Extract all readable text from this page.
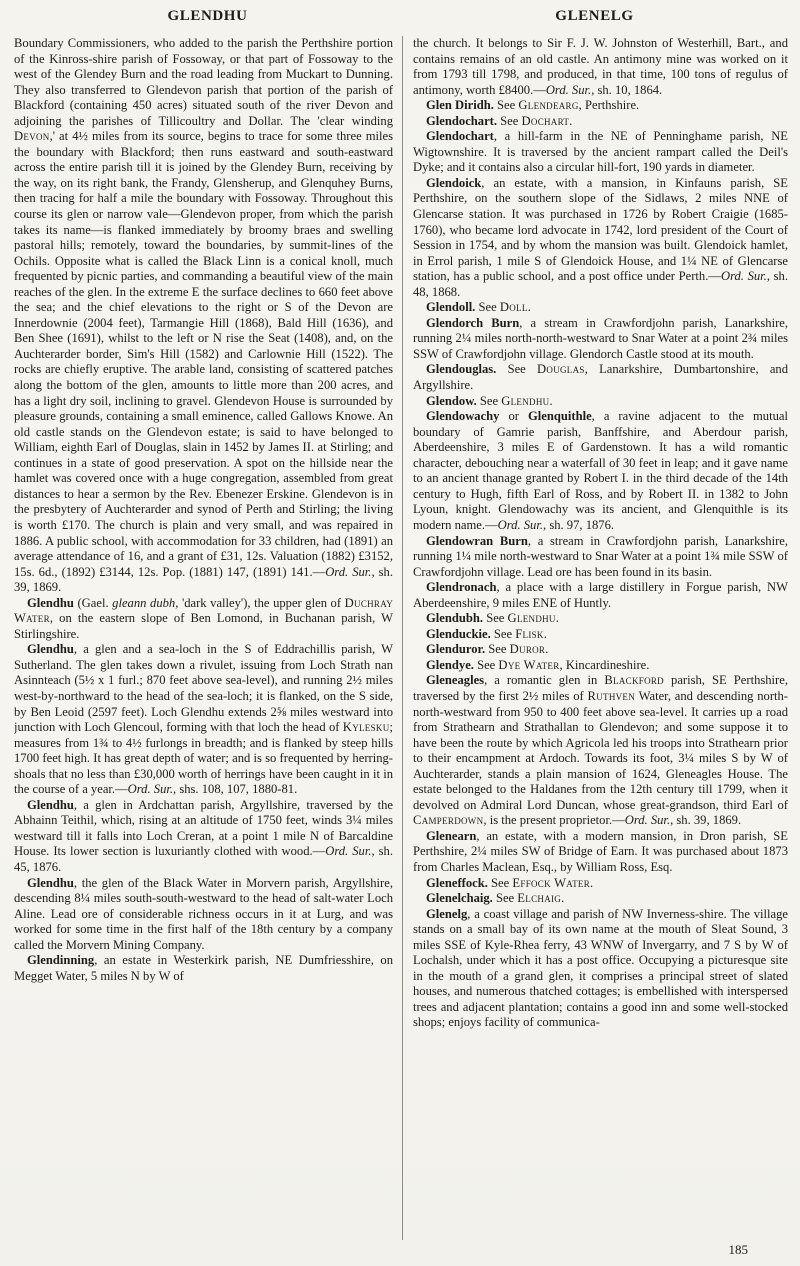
GLENDHU	GLENELG

Boundary Commissioners, who added to the parish the Perthshire portion of the Kinross-shire parish of Fossoway, or that part of Fossoway to the west of the Glendey Burn and the road leading from Muckart to Dunning. They also transferred to Glendevon parish that portion of the parish of Blackford (containing 450 acres) situated south of the river Devon and adjoining the parishes of Tillicoultry and Dollar. The 'clear winding Devon,' at 4½ miles from its source, begins to trace for some three miles the boundary with Blackford; then runs eastward and south-eastward across the entire parish till it is joined by the Glendey Burn, receiving by the way, on its right bank, the Frandy, Glensherup, and Glenquhey Burns, then tracing for half a mile the boundary with Fossoway. Throughout this course its glen or narrow vale—Glendevon proper, from which the parish takes its name—is flanked immediately by broomy braes and swelling pastoral hills; remotely, toward the boundaries, by summit-lines of the Ochils. Opposite what is called the Black Linn is a conical knoll, much frequented by picnic parties, and commanding a beautiful view of the main reaches of the glen. In the extreme E the surface declines to 660 feet above the sea; and the chief elevations to the right or S of the Devon are Innerdownie (2004 feet), Tarmangie Hill (1868), Bald Hill (1636), and Ben Shee (1691), whilst to the left or N rise the Seat (1408), and, on the Auchterarder border, Sim's Hill (1582) and Carlownie Hill (1522). The rocks are chiefly eruptive. The arable land, consisting of scattered patches along the bottom of the glen, amounts to little more than 200 acres, and has a light dry soil, inclining to gravel. Glendevon House is surrounded by pleasure grounds, containing a small eminence, called Gallows Knowe. An old castle stands on the Glendevon estate; is said to have belonged to William, eighth Earl of Douglas, slain in 1452 by James II. at Stirling; and continues in a state of good preservation. A spot on the hillside near the hamlet was covered once with a huge congregation, assembled from great distances to hear a sermon by the Rev. Ebenezer Erskine. Glendevon is in the presbytery of Auchterarder and synod of Perth and Stirling; the living is worth £170. The church is plain and very small, and was repaired in 1886. A public school, with accommodation for 33 children, had (1891) an average attendance of 16, and a grant of £31, 12s. Valuation (1882) £3152, 15s. 6d., (1892) £3144, 12s. Pop. (1881) 147, (1891) 141.—Ord. Sur., sh. 39, 1869.

Glendhu (Gael. gleann dubh, 'dark valley'), the upper glen of Duchray Water, on the eastern slope of Ben Lomond, in Buchanan parish, W Stirlingshire.

Glendhu, a glen and a sea-loch in the S of Eddrachillis parish, W Sutherland. The glen takes down a rivulet, issuing from Loch Strath nan Asinnteach (5½ x 1 furl.; 870 feet above sea-level), and running 2½ miles west-by-northward to the head of the sea-loch; it is flanked, on the S side, by Ben Leoid (2597 feet). Loch Glendhu extends 2⅝ miles westward into junction with Loch Glencoul, forming with that loch the head of Kylesku; measures from 1¾ to 4½ furlongs in breadth; and is flanked by steep hills 1700 feet high. It has great depth of water; and is so frequented by herring-shoals that no less than £30,000 worth of herrings have been caught in it in the course of a year.—Ord. Sur., shs. 108, 107, 1880-81.

Glendhu, a glen in Ardchattan parish, Argyllshire, traversed by the Abhainn Teithil, which, rising at an altitude of 1750 feet, winds 3¼ miles westward till it falls into Loch Creran, at a point 1 mile N of Barcaldine House. Its lower section is luxuriantly clothed with wood.—Ord. Sur., sh. 45, 1876.

Glendhu, the glen of the Black Water in Morvern parish, Argyllshire, descending 8¼ miles south-south-westward to the head of salt-water Loch Aline. Lead ore of considerable richness occurs in it at Lurg, and was worked for some time in the first half of the 18th century by a company called the Morvern Mining Company.

Glendinning, an estate in Westerkirk parish, NE Dumfriesshire, on Megget Water, 5 miles N by W of

the church. It belongs to Sir F. J. W. Johnston of Westerhill, Bart., and contains remains of an old castle. An antimony mine was worked on it from 1793 till 1798, and produced, in that time, 100 tons of regulus of antimony, worth £8400.—Ord. Sur., sh. 10, 1864.

Glen Diridh. See Glendearg, Perthshire.

Glendochart. See Dochart.

Glendochart, a hill-farm in the NE of Penninghame parish, NE Wigtownshire. It is traversed by the ancient rampart called the Deil's Dyke; and it contains also a circular hill-fort, 190 yards in diameter.

Glendoick, an estate, with a mansion, in Kinfauns parish, SE Perthshire, on the southern slope of the Sidlaws, 2 miles NNE of Glencarse station. It was purchased in 1726 by Robert Craigie (1685-1760), who became lord advocate in 1742, lord president of the Court of Session in 1754, and by whom the mansion was built. Glendoick hamlet, in Errol parish, 1 mile S of Glendoick House, and 1¼ NE of Glencarse station, has a public school, and a post office under Perth.—Ord. Sur., sh. 48, 1868.

Glendoll. See Doll.

Glendorch Burn, a stream in Crawfordjohn parish, Lanarkshire, running 2¼ miles north-north-westward to Snar Water at a point 2¾ miles SSW of Crawfordjohn village. Glendorch Castle stood at its mouth.

Glendouglas. See Douglas, Lanarkshire, Dumbartonshire, and Argyllshire.

Glendow. See Glendhu.

Glendowachy or Glenquithle, a ravine adjacent to the mutual boundary of Gamrie parish, Banffshire, and Aberdour parish, Aberdeenshire, 3 miles E of Gardenstown. It has a wild romantic character, debouching near a waterfall of 30 feet in leap; and it gave name to an ancient thanage granted by Robert I. in the third decade of the 14th century to Hugh, fifth Earl of Ross, and by Robert II. in 1382 to John Lyoun, knight. Glendowachy was its ancient, and Glenquithle is its modern name.—Ord. Sur., sh. 97, 1876.

Glendowran Burn, a stream in Crawfordjohn parish, Lanarkshire, running 1¼ mile north-westward to Snar Water at a point 1¾ mile SSW of Crawfordjohn village. Lead ore has been found in its basin.

Glendronach, a place with a large distillery in Forgue parish, NW Aberdeenshire, 9 miles ENE of Huntly.

Glendubh. See Glendhu.

Glenduckie. See Flisk.

Glenduror. See Duror.

Glendye. See Dye Water, Kincardineshire.

Gleneagles, a romantic glen in Blackford parish, SE Perthshire, traversed by the first 2½ miles of Ruthven Water, and descending north-north-westward from 950 to 400 feet above sea-level. It carries up a road from Strathearn and Strathallan to Glendevon; and some suppose it to have been the route by which Agricola led his troops into Strathearn prior to their encampment at Ardoch. Towards its foot, 3¼ miles S by W of Auchterarder, stands a plain mansion of 1624, Gleneagles House. The estate belonged to the Haldanes from the 12th century till 1799, when it devolved on Admiral Lord Duncan, whose great-grandson, third Earl of Camperdown, is the present proprietor.—Ord. Sur., sh. 39, 1869.

Glenearn, an estate, with a modern mansion, in Dron parish, SE Perthshire, 2¼ miles SW of Bridge of Earn. It was purchased about 1873 from Charles Maclean, Esq., by William Ross, Esq.

Gleneffock. See Effock Water.

Glenelchaig. See Elchaig.

Glenelg, a coast village and parish of NW Inverness-shire. The village stands on a small bay of its own name at the mouth of Sleat Sound, 3 miles SSE of Kyle-Rhea ferry, 43 WNW of Invergarry, and 7 S by W of Lochalsh, under which it has a post office. Occupying a picturesque site in the mouth of a grand glen, it comprises a principal street of slated houses, and numerous thatched cottages; is embellished with interspersed trees and adjacent plantation; contains a good inn and some well-stocked shops; enjoys facility of communica-

185
